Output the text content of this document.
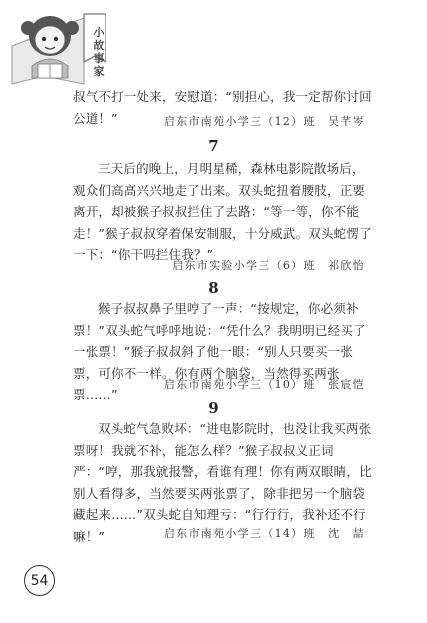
小故事家

叔气不打一处来，安慰道：“别担心，我一定帮你讨回公道！”	启东市南苑小学三（12）班　吴芊岑
7

三天后的晚上，月明星稀，森林电影院散场后，观众们高高兴兴地走了出来。双头蛇扭着腰肢，正要离开，却被猴子叔叔拦住了去路：“等一等，你不能走！”猴子叔叔穿着保安制服，十分威武。双头蛇愣了一下：“你干吗拦住我？”

启东市实验小学三（6）班　祁欣怡
8

猴子叔叔鼻子里哼了一声：“按规定，你必须补票！”双头蛇气呼呼地说：“凭什么？我明明已经买了一张票！”猴子叔叔斜了他一眼：“别人只要买一张票，可你不一样。你有两个脑袋，当然得买两张票……”

启东市南苑小学三（10）班　张宸恺
9

双头蛇气急败坏：“进电影院时，也没让我买两张票呀！我就不补，能怎么样？”猴子叔叔义正词严：“哼，那我就报警，看谁有理！你有两双眼睛，比别人看得多，当然要买两张票了，除非把另一个脑袋藏起来……”双头蛇自知理亏：“行行行，我补还不行嘛！”	启东市南苑小学三（14）班　沈　喆
54
